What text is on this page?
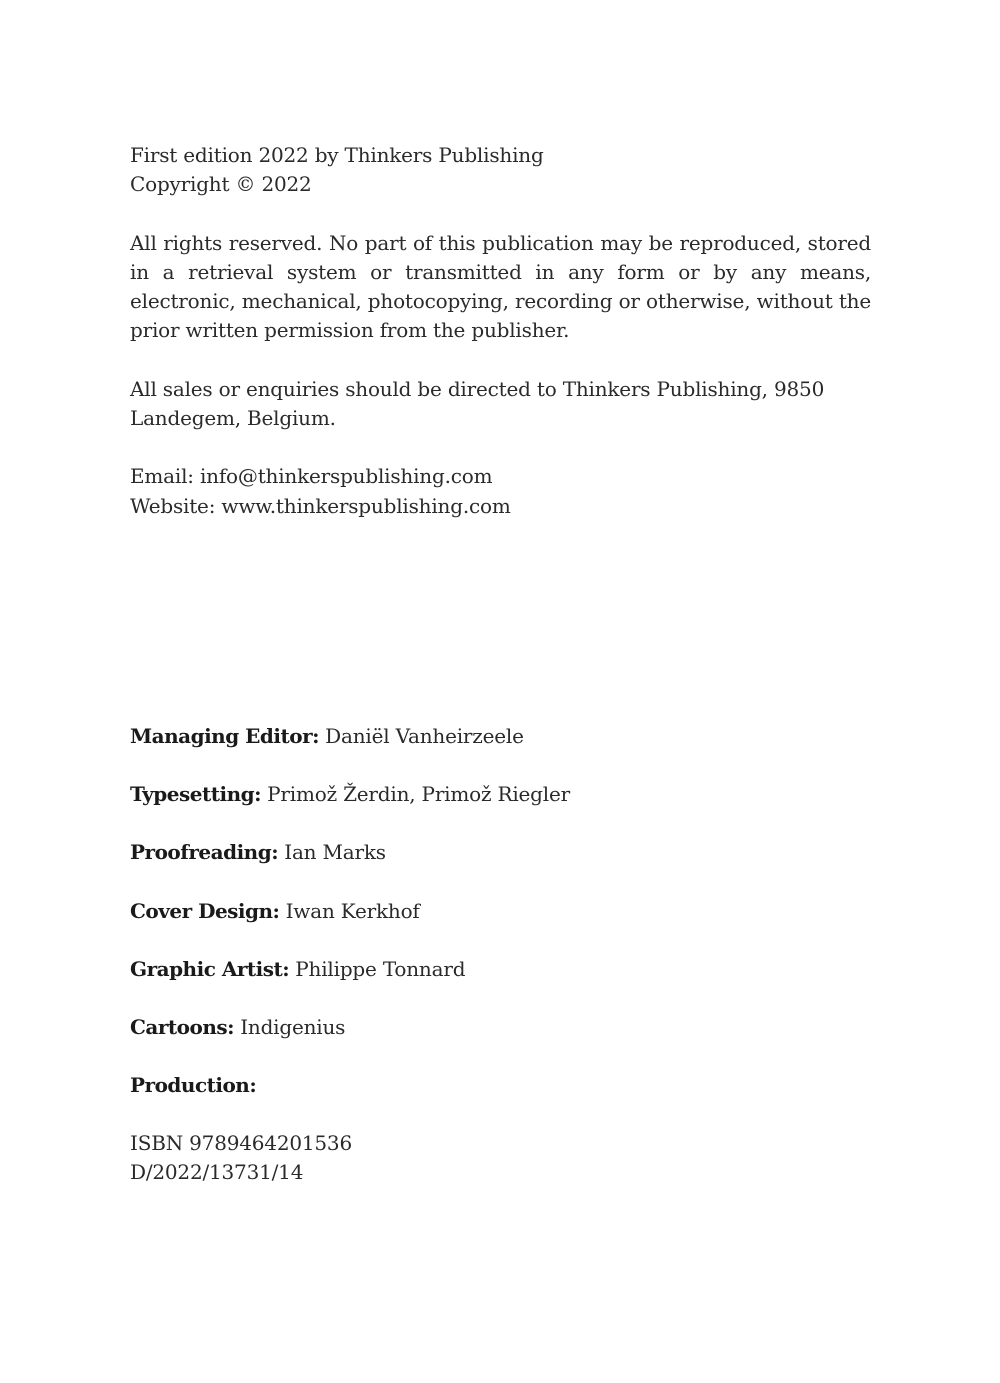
First edition 2022 by Thinkers Publishing

Copyright © 2022

All rights reserved. No part of this publication may be reproduced, stored in a retrieval system or transmitted in any form or by any means, electronic, mechanical, photocopying, recording or otherwise, without the prior written permission from the publisher.

All sales or enquiries should be directed to Thinkers Publishing, 9850 Landegem, Belgium.

Email: info@thinkerspublishing.com

Website: www.thinkerspublishing.com

Managing Editor: Daniël Vanheirzeele
Typesetting: Primož Žerdin, Primož Riegler
Proofreading: Ian Marks
Cover Design: Iwan Kerkhof
Graphic Artist: Philippe Tonnard
Cartoons: Indigenius
Production:

ISBN 9789464201536

D/2022/13731/14
